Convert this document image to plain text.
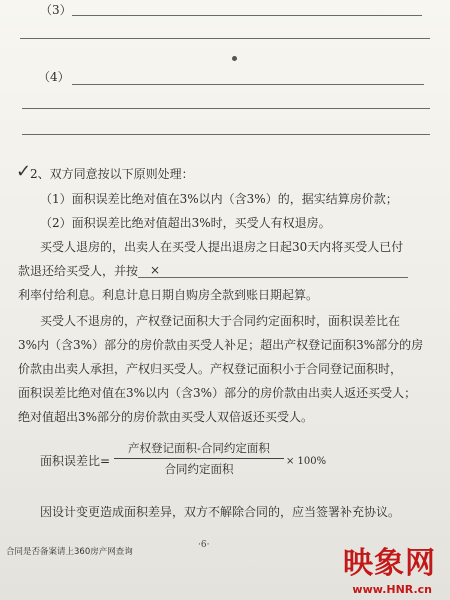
（3）
（4）
✓
2、双方同意按以下原则处理：
（1）面积误差比绝对值在3%以内（含3%）的，据实结算房价款；
（2）面积误差比绝对值超出3%时，买受人有权退房。
买受人退房的，出卖人在买受人提出退房之日起30天内将买受人已付
款退还给买受人，并按 ×
利率付给利息。利息计息日期自购房全款到账日期起算。
买受人不退房的，产权登记面积大于合同约定面积时，面积误差比在
3%内（含3%）部分的房价款由买受人补足；超出产权登记面积3%部分的房
价款由出卖人承担，产权归买受人。产权登记面积小于合同登记面积时，
面积误差比绝对值在3%以内（含3%）部分的房价款由出卖人返还买受人；
绝对值超出3%部分的房价款由买受人双倍返还买受人。
面积误差比=
产权登记面积-合同约定面积
合同约定面积
× 100%
因设计变更造成面积差异，双方不解除合同的，应当签署补充协议。
合同是否备案请上360房产网查询
·6·
映象网
www.HNR.cn
